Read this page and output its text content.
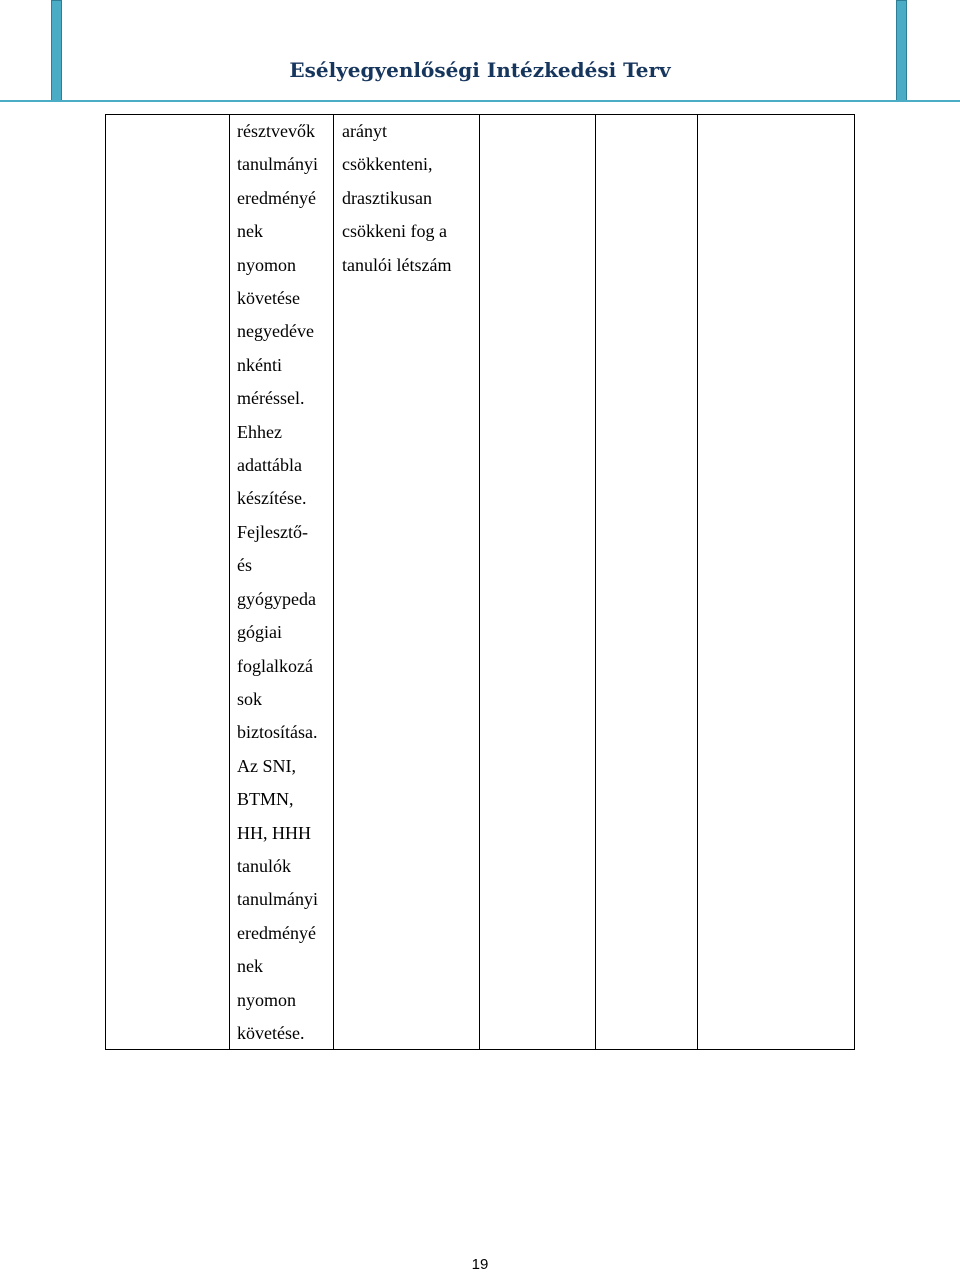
Esélyegyenlőségi Intézkedési Terv
résztvevők
tanulmányi
eredményé
nek
nyomon
követése
negyedéve
nkénti
méréssel.
Ehhez
adattábla
készítése.
Fejlesztő-
és
gyógypeda
gógiai
foglalkozá
sok
biztosítása.
Az SNI,
BTMN,
HH, HHH
tanulók
tanulmányi
eredményé
nek
nyomon
követése.
arányt
csökkenteni,
drasztikusan
csökkeni fog a
tanulói létszám
19
